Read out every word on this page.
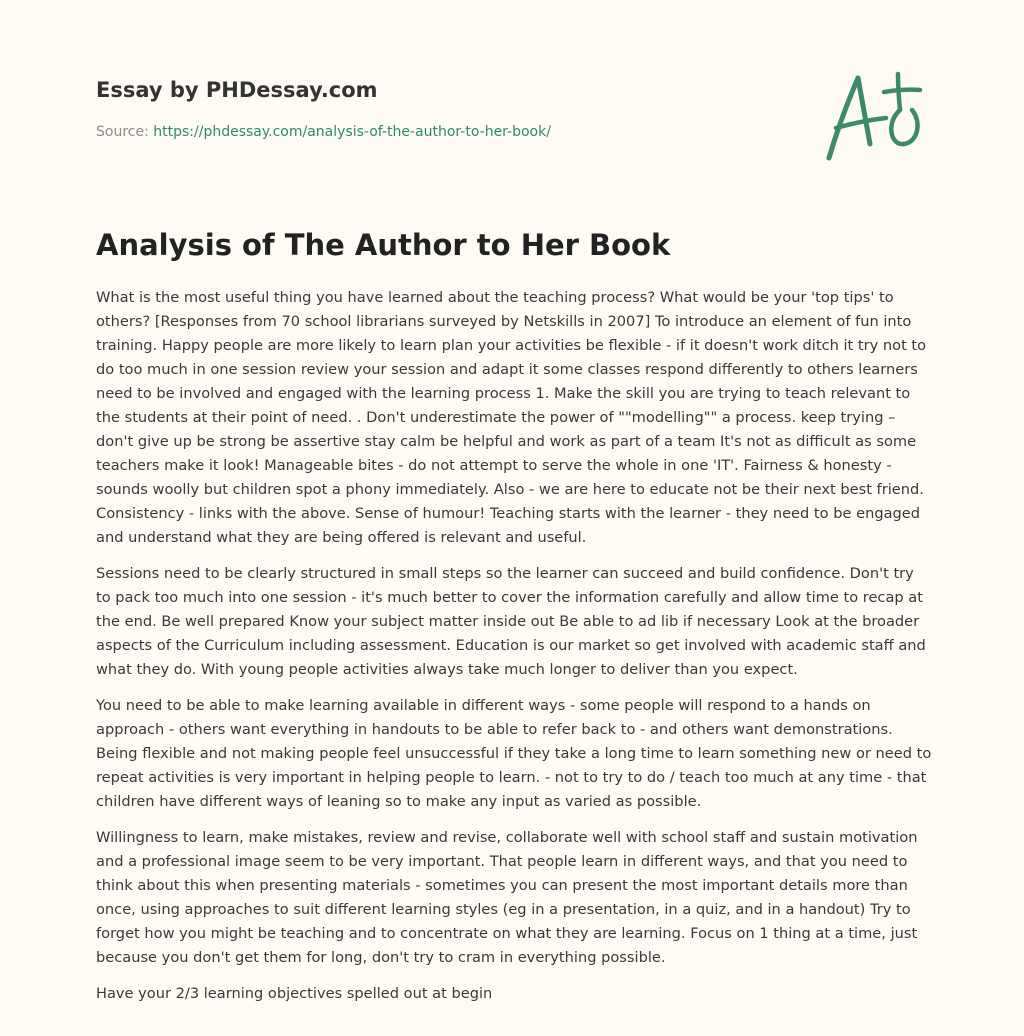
Essay by PHDessay.com
Source: https://phdessay.com/analysis-of-the-author-to-her-book/
Analysis of The Author to Her Book

What is the most useful thing you have learned about the teaching process? What would be your 'top tips' to others? [Responses from 70 school librarians surveyed by Netskills in 2007] To introduce an element of fun into training. Happy people are more likely to learn plan your activities be flexible - if it doesn't work ditch it try not to do too much in one session review your session and adapt it some classes respond differently to others learners need to be involved and engaged with the learning process 1. Make the skill you are trying to teach relevant to the students at their point of need. . Don't underestimate the power of ""modelling"" a process. keep trying – don't give up be strong be assertive stay calm be helpful and work as part of a team It's not as difficult as some teachers make it look! Manageable bites - do not attempt to serve the whole in one 'IT'. Fairness & honesty - sounds woolly but children spot a phony immediately. Also - we are here to educate not be their next best friend. Consistency - links with the above. Sense of humour! Teaching starts with the learner - they need to be engaged and understand what they are being offered is relevant and useful.

Sessions need to be clearly structured in small steps so the learner can succeed and build confidence. Don't try to pack too much into one session - it's much better to cover the information carefully and allow time to recap at the end. Be well prepared Know your subject matter inside out Be able to ad lib if necessary Look at the broader aspects of the Curriculum including assessment. Education is our market so get involved with academic staff and what they do. With young people activities always take much longer to deliver than you expect.

You need to be able to make learning available in different ways - some people will respond to a hands on approach - others want everything in handouts to be able to refer back to - and others want demonstrations. Being flexible and not making people feel unsuccessful if they take a long time to learn something new or need to repeat activities is very important in helping people to learn. - not to try to do / teach too much at any time - that children have different ways of leaning so to make any input as varied as possible.

Willingness to learn, make mistakes, review and revise, collaborate well with school staff and sustain motivation and a professional image seem to be very important. That people learn in different ways, and that you need to think about this when presenting materials - sometimes you can present the most important details more than once, using approaches to suit different learning styles (eg in a presentation, in a quiz, and in a handout) Try to forget how you might be teaching and to concentrate on what they are learning. Focus on 1 thing at a time, just because you don't get them for long, don't try to cram in everything possible.

Have your 2/3 learning objectives spelled out at begin
